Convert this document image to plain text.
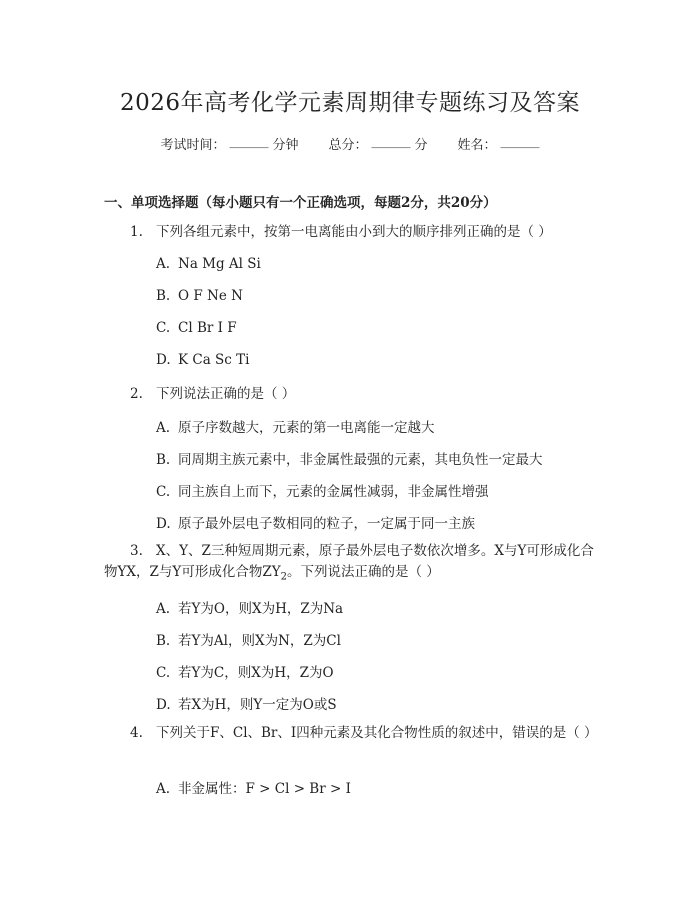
2026年高考化学元素周期律专题练习及答案
考试时间： ______ 分钟 总分： ______ 分 姓名： ______
一、单项选择题（每小题只有一个正确选项，每题2分，共20分）
1. 下列各组元素中，按第一电离能由小到大的顺序排列正确的是（ ）
A. Na Mg Al Si
B. O F Ne N
C. Cl Br I F
D. K Ca Sc Ti
2. 下列说法正确的是（ ）
A. 原子序数越大，元素的第一电离能一定越大
B. 同周期主族元素中，非金属性最强的元素，其电负性一定最大
C. 同主族自上而下，元素的金属性减弱，非金属性增强
D. 原子最外层电子数相同的粒子，一定属于同一主族
3. X、Y、Z三种短周期元素，原子最外层电子数依次增多。X与Y可形成化合物YX，Z与Y可形成化合物$ZY_2$。下列说法正确的是（ ）
A. 若Y为O，则X为H，Z为Na
B. 若Y为Al，则X为N，Z为Cl
C. 若Y为C，则X为H，Z为O
D. 若X为H，则Y一定为O或S
4. 下列关于F、Cl、Br、I四种元素及其化合物性质的叙述中，错误的是（ ）
A. 非金属性：F > Cl > Br > I
